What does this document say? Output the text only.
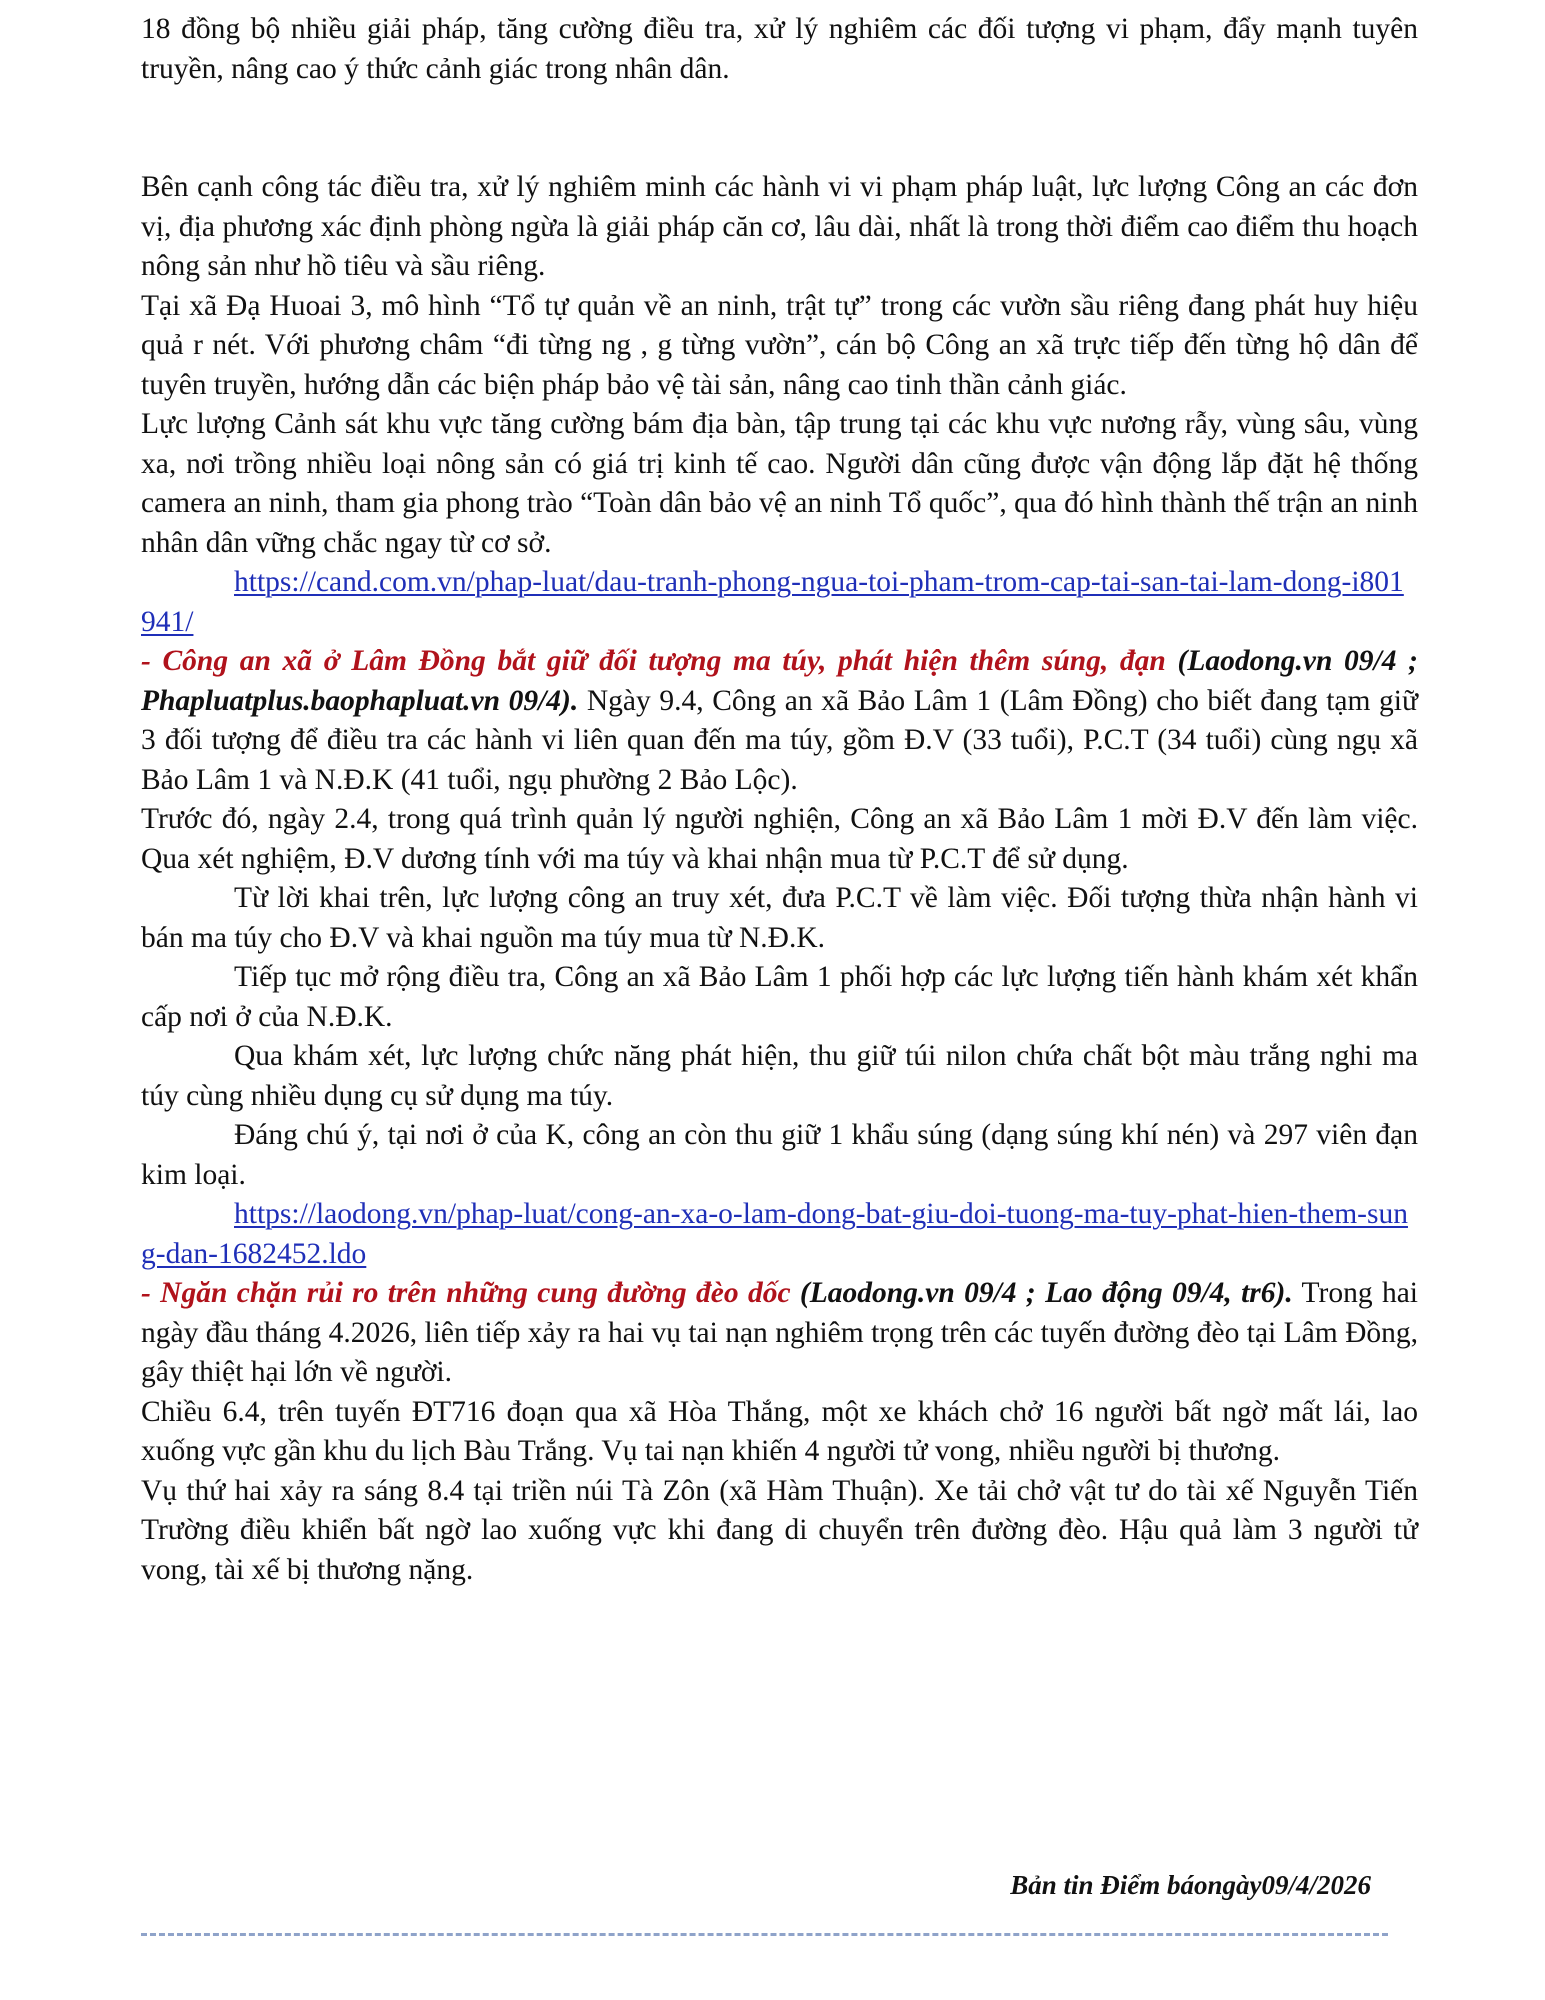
18 đồng bộ nhiều giải pháp, tăng cường điều tra, xử lý nghiêm các đối tượng vi phạm, đẩy mạnh tuyên truyền, nâng cao ý thức cảnh giác trong nhân dân.

Bên cạnh công tác điều tra, xử lý nghiêm minh các hành vi vi phạm pháp luật, lực lượng Công an các đơn vị, địa phương xác định phòng ngừa là giải pháp căn cơ, lâu dài, nhất là trong thời điểm cao điểm thu hoạch nông sản như hồ tiêu và sầu riêng.

Tại xã Đạ Huoai 3, mô hình “Tổ tự quản về an ninh, trật tự” trong các vườn sầu riêng đang phát huy hiệu quả r nét. Với phương châm “đi từng ng , g từng vườn”, cán bộ Công an xã trực tiếp đến từng hộ dân để tuyên truyền, hướng dẫn các biện pháp bảo vệ tài sản, nâng cao tinh thần cảnh giác.

Lực lượng Cảnh sát khu vực tăng cường bám địa bàn, tập trung tại các khu vực nương rẫy, vùng sâu, vùng xa, nơi trồng nhiều loại nông sản có giá trị kinh tế cao. Người dân cũng được vận động lắp đặt hệ thống camera an ninh, tham gia phong trào “Toàn dân bảo vệ an ninh Tổ quốc”, qua đó hình thành thế trận an ninh nhân dân vững chắc ngay từ cơ sở.

https://cand.com.vn/phap-luat/dau-tranh-phong-ngua-toi-pham-trom-cap-tai-san-tai-lam-dong-i801941/

- Công an xã ở Lâm Đồng bắt giữ đối tượng ma túy, phát hiện thêm súng, đạn (Laodong.vn 09/4 ; Phapluatplus.baophapluat.vn 09/4). Ngày 9.4, Công an xã Bảo Lâm 1 (Lâm Đồng) cho biết đang tạm giữ 3 đối tượng để điều tra các hành vi liên quan đến ma túy, gồm Đ.V (33 tuổi), P.C.T (34 tuổi) cùng ngụ xã Bảo Lâm 1 và N.Đ.K (41 tuổi, ngụ phường 2 Bảo Lộc).

Trước đó, ngày 2.4, trong quá trình quản lý người nghiện, Công an xã Bảo Lâm 1 mời Đ.V đến làm việc. Qua xét nghiệm, Đ.V dương tính với ma túy và khai nhận mua từ P.C.T để sử dụng.

Từ lời khai trên, lực lượng công an truy xét, đưa P.C.T về làm việc. Đối tượng thừa nhận hành vi bán ma túy cho Đ.V và khai nguồn ma túy mua từ N.Đ.K.

Tiếp tục mở rộng điều tra, Công an xã Bảo Lâm 1 phối hợp các lực lượng tiến hành khám xét khẩn cấp nơi ở của N.Đ.K.

Qua khám xét, lực lượng chức năng phát hiện, thu giữ túi nilon chứa chất bột màu trắng nghi ma túy cùng nhiều dụng cụ sử dụng ma túy.

Đáng chú ý, tại nơi ở của K, công an còn thu giữ 1 khẩu súng (dạng súng khí nén) và 297 viên đạn kim loại.

https://laodong.vn/phap-luat/cong-an-xa-o-lam-dong-bat-giu-doi-tuong-ma-tuy-phat-hien-them-sung-dan-1682452.ldo

- Ngăn chặn rủi ro trên những cung đường đèo dốc (Laodong.vn 09/4 ; Lao động 09/4, tr6). Trong hai ngày đầu tháng 4.2026, liên tiếp xảy ra hai vụ tai nạn nghiêm trọng trên các tuyến đường đèo tại Lâm Đồng, gây thiệt hại lớn về người.

Chiều 6.4, trên tuyến ĐT716 đoạn qua xã Hòa Thắng, một xe khách chở 16 người bất ngờ mất lái, lao xuống vực gần khu du lịch Bàu Trắng. Vụ tai nạn khiến 4 người tử vong, nhiều người bị thương.

Vụ thứ hai xảy ra sáng 8.4 tại triền núi Tà Zôn (xã Hàm Thuận). Xe tải chở vật tư do tài xế Nguyễn Tiến Trường điều khiển bất ngờ lao xuống vực khi đang di chuyển trên đường đèo. Hậu quả làm 3 người tử vong, tài xế bị thương nặng.

Bản tin Điểm báongày09/4/2026
